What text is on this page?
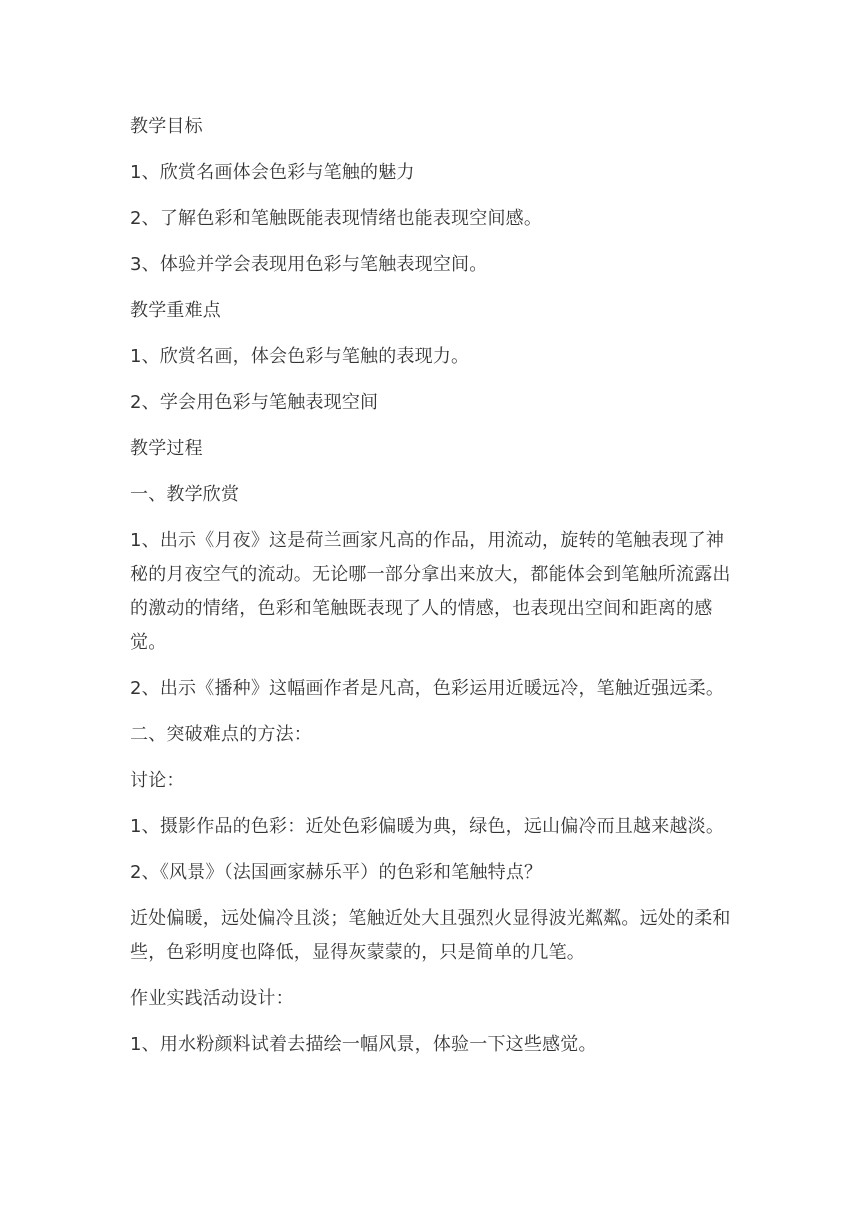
教学目标

1、欣赏名画体会色彩与笔触的魅力

2、了解色彩和笔触既能表现情绪也能表现空间感。

3、体验并学会表现用色彩与笔触表现空间。

教学重难点

1、欣赏名画，体会色彩与笔触的表现力。

2、学会用色彩与笔触表现空间

教学过程

一、教学欣赏

1、出示《月夜》这是荷兰画家凡高的作品，用流动，旋转的笔触表现了神秘的月夜空气的流动。无论哪一部分拿出来放大，都能体会到笔触所流露出的激动的情绪，色彩和笔触既表现了人的情感，也表现出空间和距离的感觉。

2、出示《播种》这幅画作者是凡高，色彩运用近暖远冷，笔触近强远柔。

二、突破难点的方法：

讨论：

1、摄影作品的色彩：近处色彩偏暖为典，绿色，远山偏冷而且越来越淡。

2、《风景》（法国画家赫乐平）的色彩和笔触特点？

近处偏暖，远处偏冷且淡；笔触近处大且强烈火显得波光粼粼。远处的柔和些，色彩明度也降低，显得灰蒙蒙的，只是简单的几笔。

作业实践活动设计：

1、用水粉颜料试着去描绘一幅风景，体验一下这些感觉。
